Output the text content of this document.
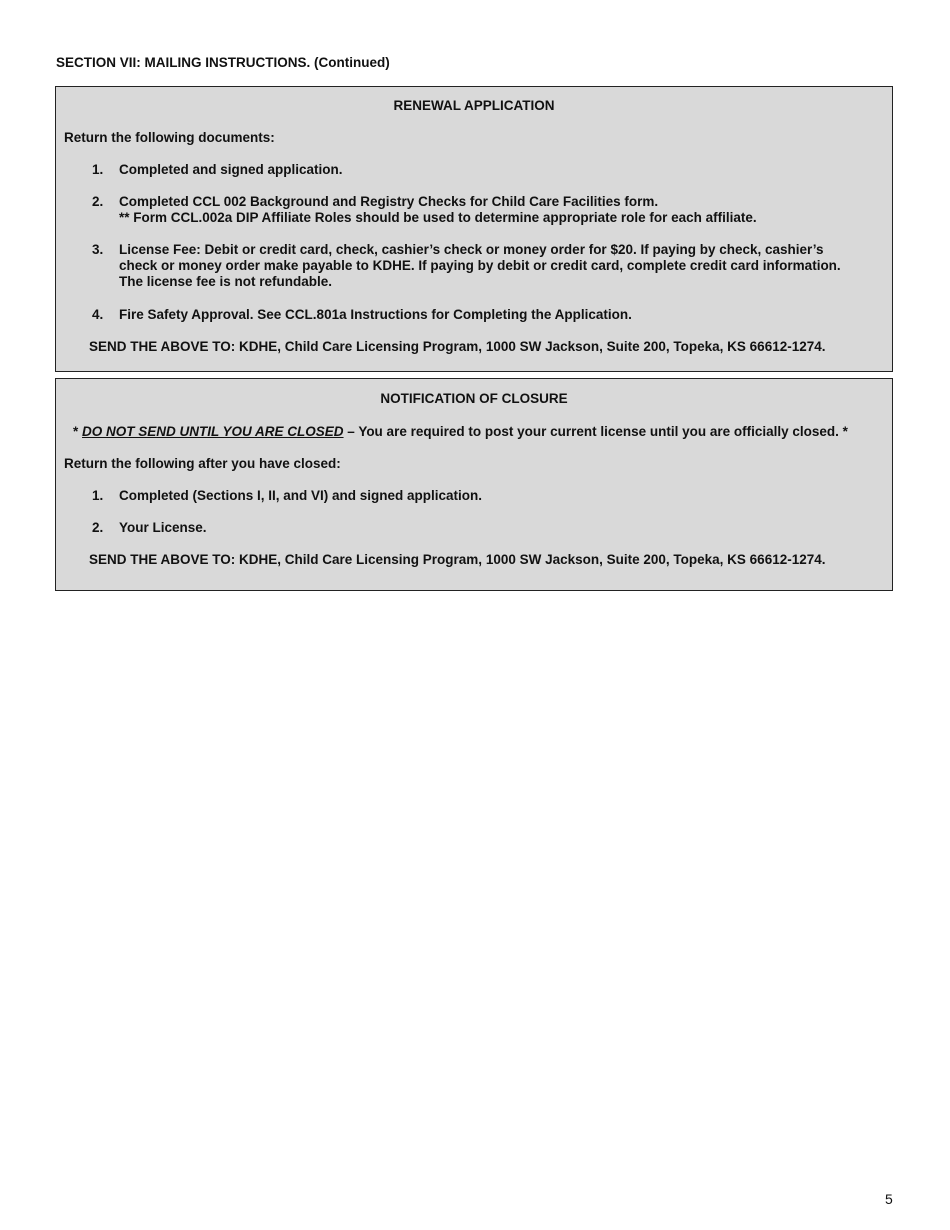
SECTION VII: MAILING INSTRUCTIONS. (Continued)

RENEWAL APPLICATION

Return the following documents:

1. Completed and signed application.
2. Completed CCL 002 Background and Registry Checks for Child Care Facilities form.
** Form CCL.002a DIP Affiliate Roles should be used to determine appropriate role for each affiliate.
3. License Fee: Debit or credit card, check, cashier’s check or money order for $20. If paying by check, cashier’s
check or money order make payable to KDHE. If paying by debit or credit card, complete credit card information.
The license fee is not refundable.
4. Fire Safety Approval. See CCL.801a Instructions for Completing the Application.

SEND THE ABOVE TO: KDHE, Child Care Licensing Program, 1000 SW Jackson, Suite 200, Topeka, KS 66612-1274.

NOTIFICATION OF CLOSURE

* DO NOT SEND UNTIL YOU ARE CLOSED – You are required to post your current license until you are officially closed. *

Return the following after you have closed:

1. Completed (Sections I, II, and VI) and signed application.
2. Your License.

SEND THE ABOVE TO: KDHE, Child Care Licensing Program, 1000 SW Jackson, Suite 200, Topeka, KS 66612-1274.

5
